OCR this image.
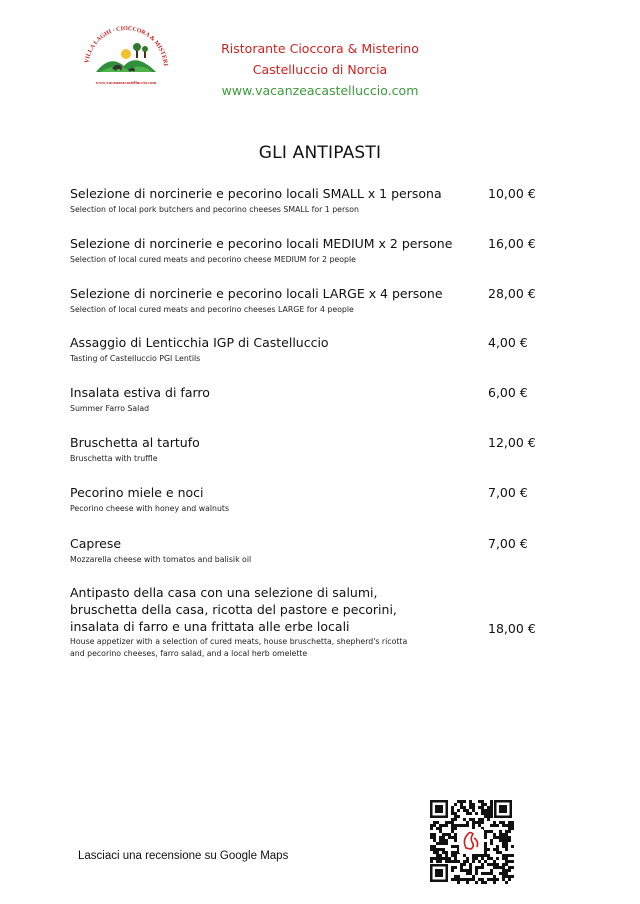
VILLA LAGHI · CIOCCORA & MISTERI
www.vacanzeacastelluccio.com
Ristorante Cioccora & Misterino
Castelluccio di Norcia
www.vacanzeacastelluccio.com
GLI ANTIPASTI
Selezione di norcinerie e pecorino locali SMALL x 1 persona
Selection of local pork butchers and pecorino cheeses SMALL for 1 person
10,00 €
Selezione di norcinerie e pecorino locali MEDIUM x 2 persone
Selection of local cured meats and pecorino cheese MEDIUM for 2 people
16,00 €
Selezione di norcinerie e pecorino locali LARGE x 4 persone
Selection of local cured meats and pecorino cheeses LARGE for 4 people
28,00 €
Assaggio di Lenticchia IGP di Castelluccio
Tasting of Castelluccio PGI Lentils
4,00 €
Insalata estiva di farro
Summer Farro Salad
6,00 €
Bruschetta al tartufo
Bruschetta with truffle
12,00 €
Pecorino miele e noci
Pecorino cheese with honey and walnuts
7,00 €
Caprese
Mozzarella cheese with tomatos and balisik oil
7,00 €
Antipasto della casa con una selezione di salumi,
bruschetta della casa, ricotta del pastore e pecorini,
insalata di farro e una frittata alle erbe locali
House appetizer with a selection of cured meats, house bruschetta, shepherd's ricotta
and pecorino cheeses, farro salad, and a local herb omelette
18,00 €
Lasciaci una recensione su Google Maps
